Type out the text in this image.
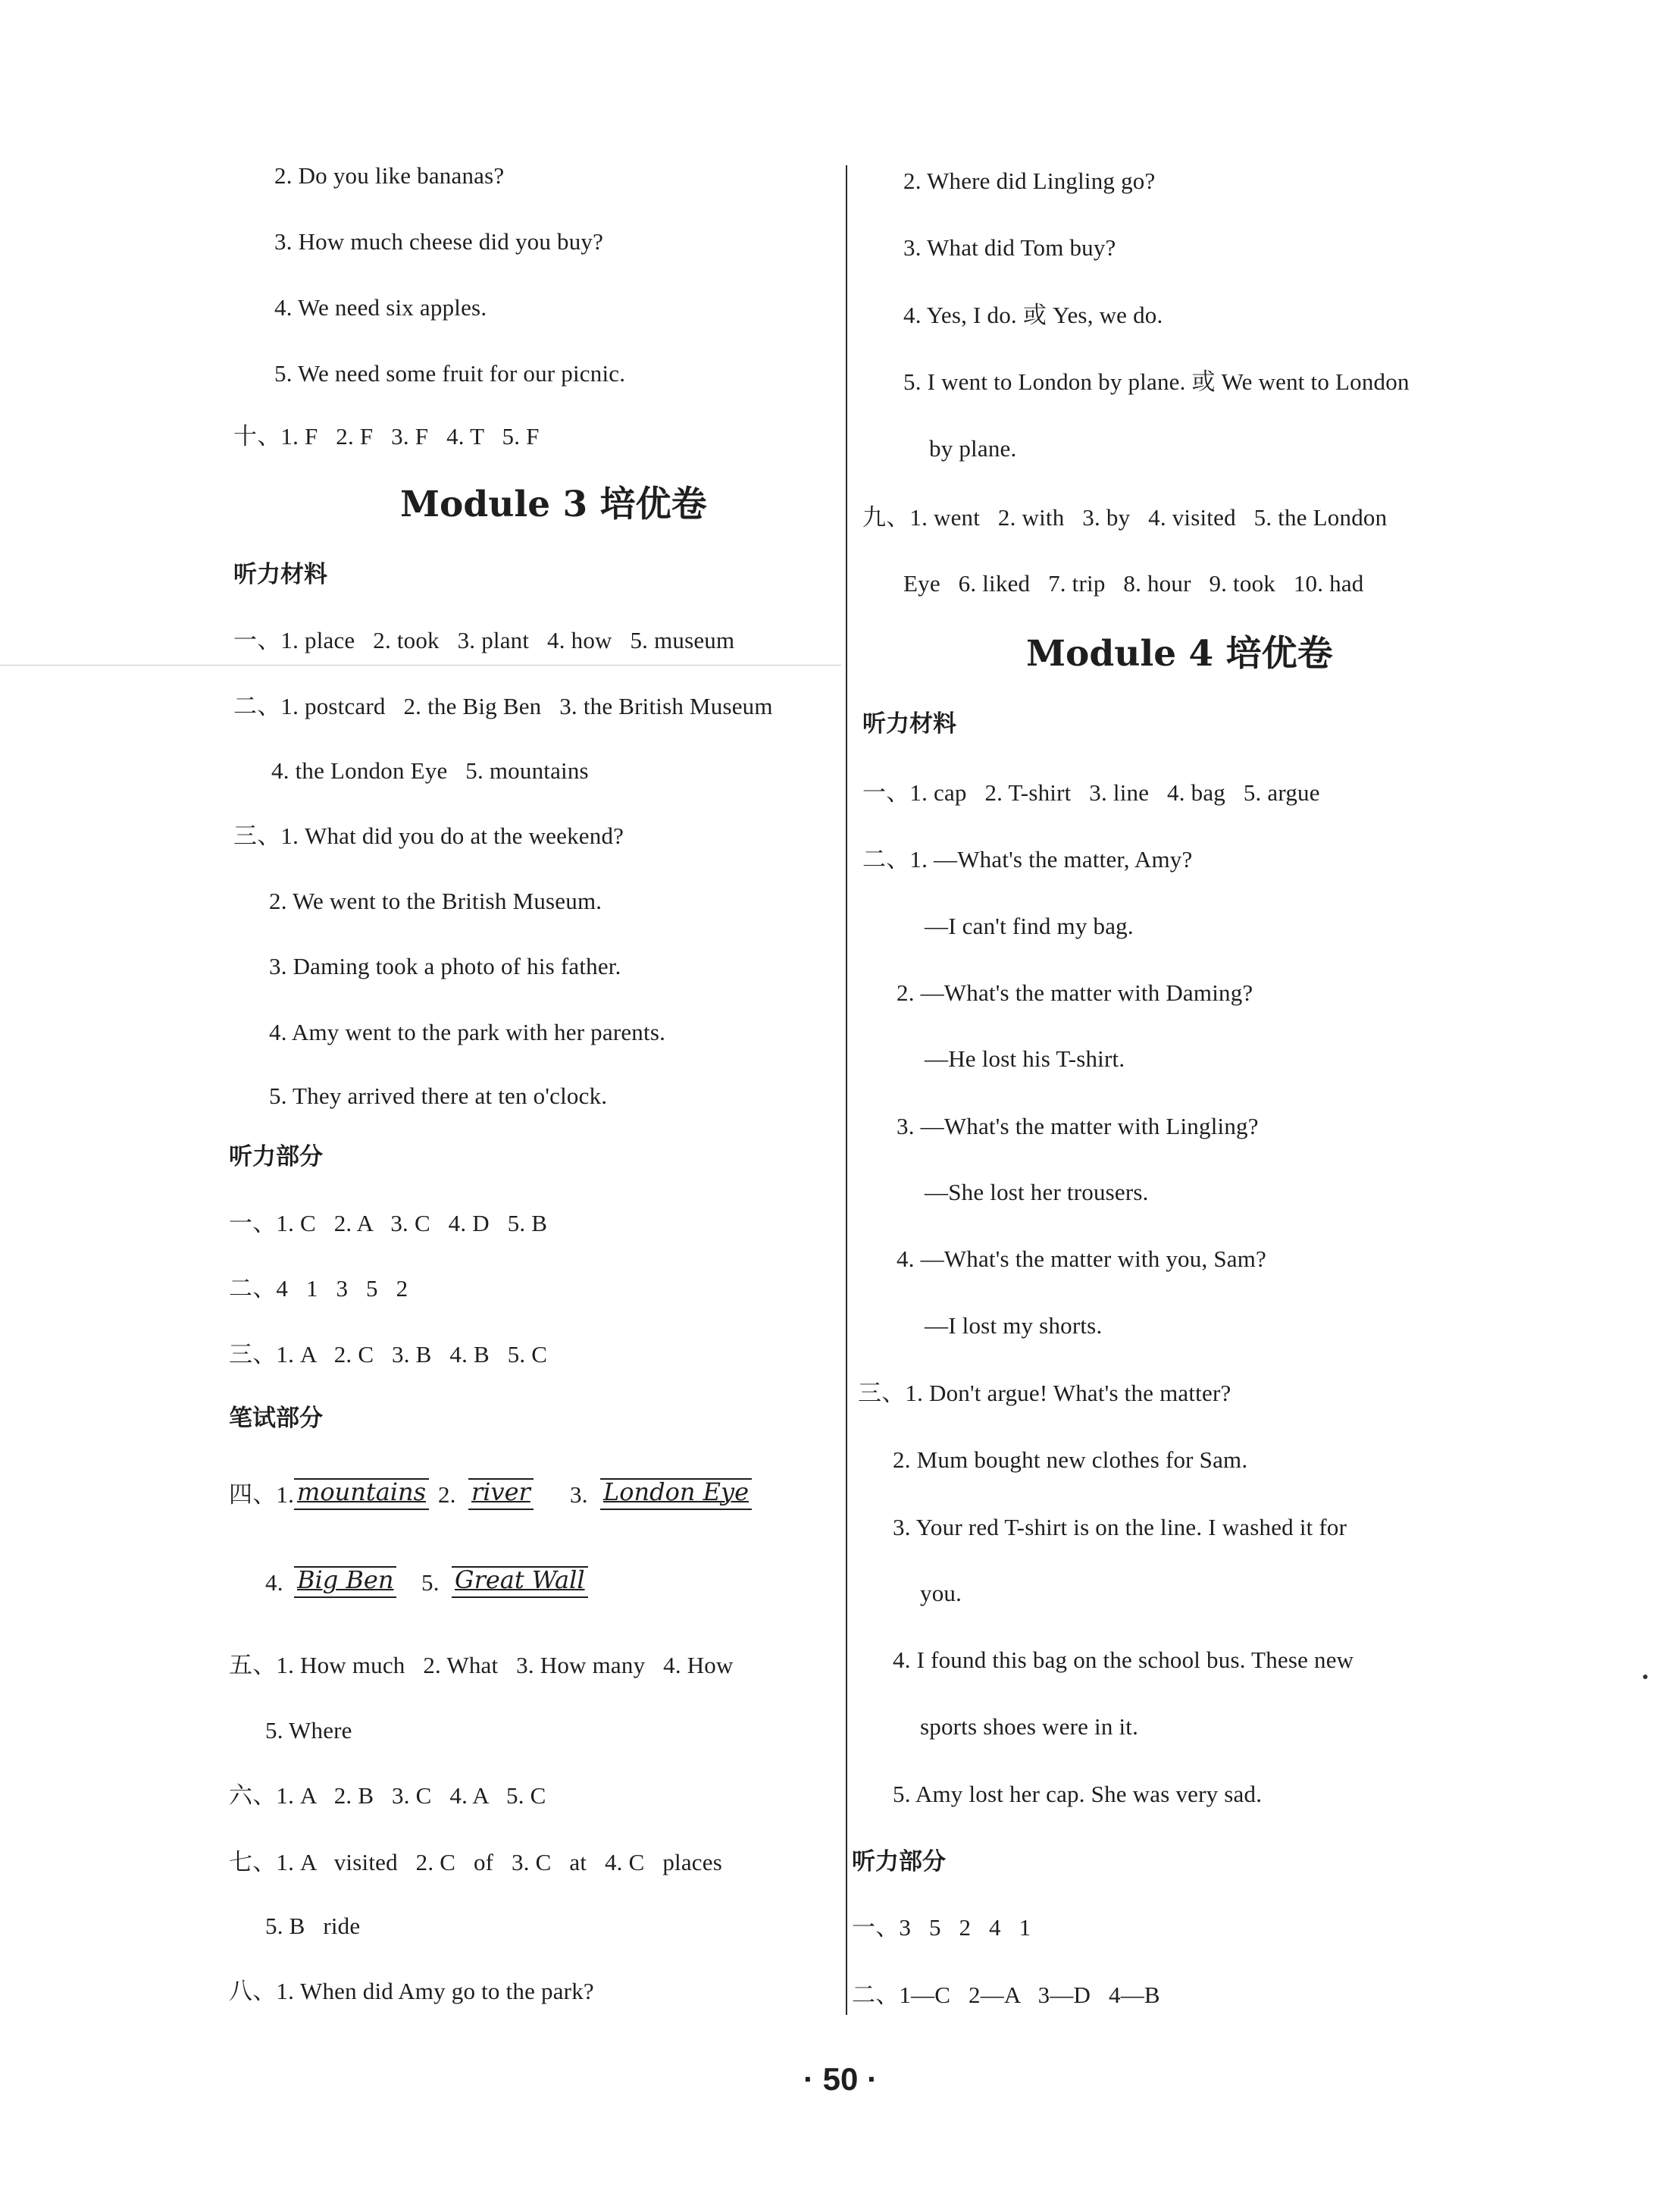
2. Do you like bananas?
3. How much cheese did you buy?
4. We need six apples.
5. We need some fruit for our picnic.
十、1. F   2. F   3. F   4. T   5. F
Module 3 培优卷
听力材料
一、1. place   2. took   3. plant   4. how   5. museum
二、1. postcard   2. the Big Ben   3. the British Museum
4. the London Eye   5. mountains
三、1. What did you do at the weekend?
2. We went to the British Museum.
3. Daming took a photo of his father.
4. Amy went to the park with her parents.
5. They arrived there at ten o'clock.
听力部分
一、1. C   2. A   3. C   4. D   5. B
二、4   1   3   5   2
三、1. A   2. C   3. B   4. B   5. C
笔试部分
四、1. mountains 2. river 3. London Eye
4. Big Ben 5. Great Wall
五、1. How much   2. What   3. How many   4. How
5. Where
六、1. A   2. B   3. C   4. A   5. C
七、1. A   visited   2. C   of   3. C   at   4. C   places
5. B   ride
八、1. When did Amy go to the park?
2. Where did Lingling go?
3. What did Tom buy?
4. Yes, I do. 或 Yes, we do.
5. I went to London by plane. 或 We went to London
by plane.
九、1. went   2. with   3. by   4. visited   5. the London
Eye   6. liked   7. trip   8. hour   9. took   10. had
Module 4 培优卷
听力材料
一、1. cap   2. T-shirt   3. line   4. bag   5. argue
二、1. —What's the matter, Amy?
—I can't find my bag.
2. —What's the matter with Daming?
—He lost his T-shirt.
3. —What's the matter with Lingling?
—She lost her trousers.
4. —What's the matter with you, Sam?
—I lost my shorts.
三、1. Don't argue! What's the matter?
2. Mum bought new clothes for Sam.
3. Your red T-shirt is on the line. I washed it for
you.
4. I found this bag on the school bus. These new
sports shoes were in it.
5. Amy lost her cap. She was very sad.
听力部分
一、3   5   2   4   1
二、1—C   2—A   3—D   4—B
· 50 ·
